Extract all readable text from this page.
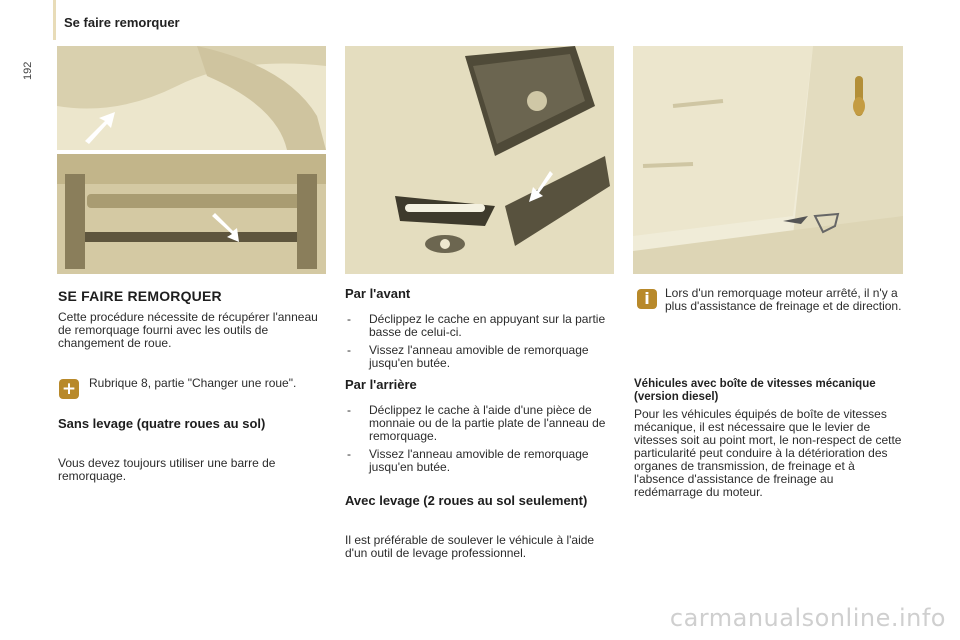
192
Se faire remorquer
SE FAIRE REMORQUER

Cette procédure nécessite de récupérer l'anneau de remorquage fourni avec les outils de changement de roue.

+ Rubrique 8, partie "Changer une roue".

Sans levage (quatre roues au sol)

Vous devez toujours utiliser une barre de remorquage.

Par l'avant
- Déclippez le cache en appuyant sur la partie basse de celui-ci.
- Vissez l'anneau amovible de remorquage jusqu'en butée.
Par l'arrière
- Déclippez le cache à l'aide d'une pièce de monnaie ou de la partie plate de l'anneau de remorquage.
- Vissez l'anneau amovible de remorquage jusqu'en butée.
Avec levage (2 roues au sol seulement)

Il est préférable de soulever le véhicule à l'aide d'un outil de levage professionnel.

i	Lors d'un remorquage moteur arrêté, il n'y a plus d'assistance de freinage et de direction.

Véhicules avec boîte de vitesses mécanique (version diesel)

Pour les véhicules équipés de boîte de vitesses mécanique, il est nécessaire que le levier de vitesses soit au point mort, le non-respect de cette particularité peut conduire à la détérioration des organes de transmission, de freinage et à l'absence d'assistance de freinage au redémarrage du moteur.

carmanualsonline.info
